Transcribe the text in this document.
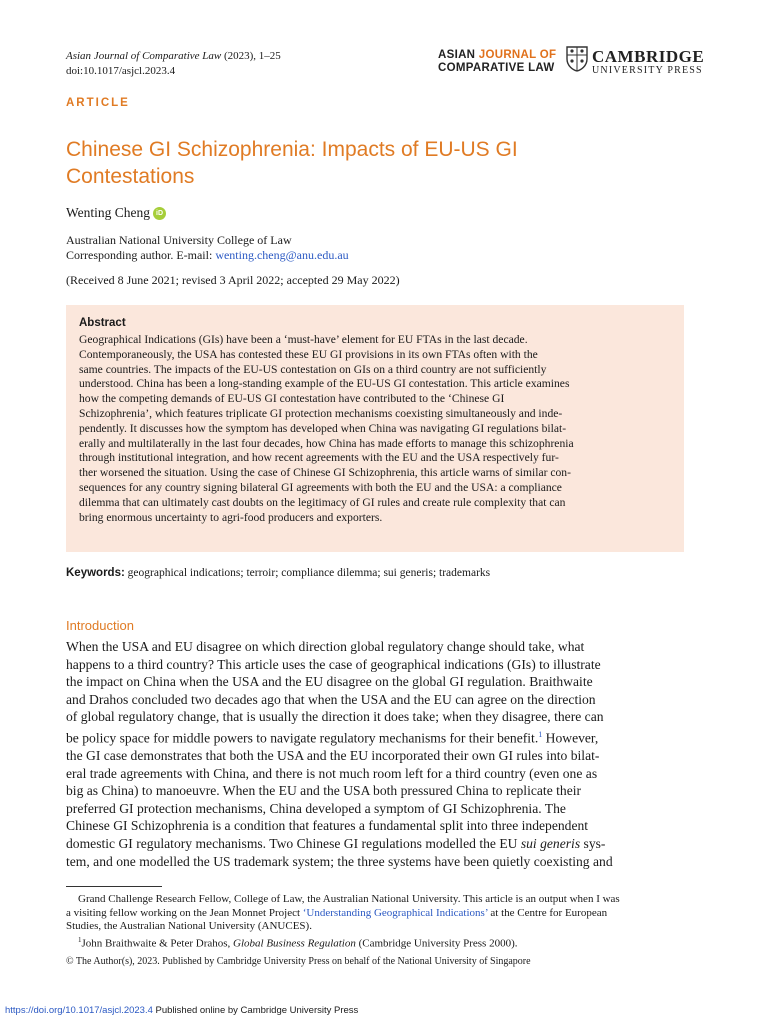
Asian Journal of Comparative Law (2023), 1–25
doi:10.1017/asjcl.2023.4
ASIAN JOURNAL OF
COMPARATIVE LAW
CAMBRIDGE
UNIVERSITY PRESS
ARTICLE
Chinese GI Schizophrenia: Impacts of EU-US GI
Contestations
Wenting Cheng iD
Australian National University College of Law
Corresponding author. E-mail: wenting.cheng@anu.edu.au
(Received 8 June 2021; revised 3 April 2022; accepted 29 May 2022)
Abstract
Geographical Indications (GIs) have been a ‘must-have’ element for EU FTAs in the last decade.
Contemporaneously, the USA has contested these EU GI provisions in its own FTAs often with the
same countries. The impacts of the EU-US contestation on GIs on a third country are not sufficiently
understood. China has been a long-standing example of the EU-US GI contestation. This article examines
how the competing demands of EU-US GI contestation have contributed to the ‘Chinese GI
Schizophrenia’, which features triplicate GI protection mechanisms coexisting simultaneously and inde-
pendently. It discusses how the symptom has developed when China was navigating GI regulations bilat-
erally and multilaterally in the last four decades, how China has made efforts to manage this schizophrenia
through institutional integration, and how recent agreements with the EU and the USA respectively fur-
ther worsened the situation. Using the case of Chinese GI Schizophrenia, this article warns of similar con-
sequences for any country signing bilateral GI agreements with both the EU and the USA: a compliance
dilemma that can ultimately cast doubts on the legitimacy of GI rules and create rule complexity that can
bring enormous uncertainty to agri-food producers and exporters.
Keywords: geographical indications; terroir; compliance dilemma; sui generis; trademarks
Introduction
When the USA and EU disagree on which direction global regulatory change should take, what
happens to a third country? This article uses the case of geographical indications (GIs) to illustrate
the impact on China when the USA and the EU disagree on the global GI regulation. Braithwaite
and Drahos concluded two decades ago that when the USA and the EU can agree on the direction
of global regulatory change, that is usually the direction it does take; when they disagree, there can
be policy space for middle powers to navigate regulatory mechanisms for their benefit.$^1$ However,
the GI case demonstrates that both the USA and the EU incorporated their own GI rules into bilat-
eral trade agreements with China, and there is not much room left for a third country (even one as
big as China) to manoeuvre. When the EU and the USA both pressured China to replicate their
preferred GI protection mechanisms, China developed a symptom of GI Schizophrenia. The
Chinese GI Schizophrenia is a condition that features a fundamental split into three independent
domestic GI regulatory mechanisms. Two Chinese GI regulations modelled the EU sui generis sys-
tem, and one modelled the US trademark system; the three systems have been quietly coexisting and
Grand Challenge Research Fellow, College of Law, the Australian National University. This article is an output when I was
a visiting fellow working on the Jean Monnet Project ‘Understanding Geographical Indications’ at the Centre for European
Studies, the Australian National University (ANUCES).
$^1$John Braithwaite & Peter Drahos, Global Business Regulation (Cambridge University Press 2000).
© The Author(s), 2023. Published by Cambridge University Press on behalf of the National University of Singapore
https://doi.org/10.1017/asjcl.2023.4 Published online by Cambridge University Press
